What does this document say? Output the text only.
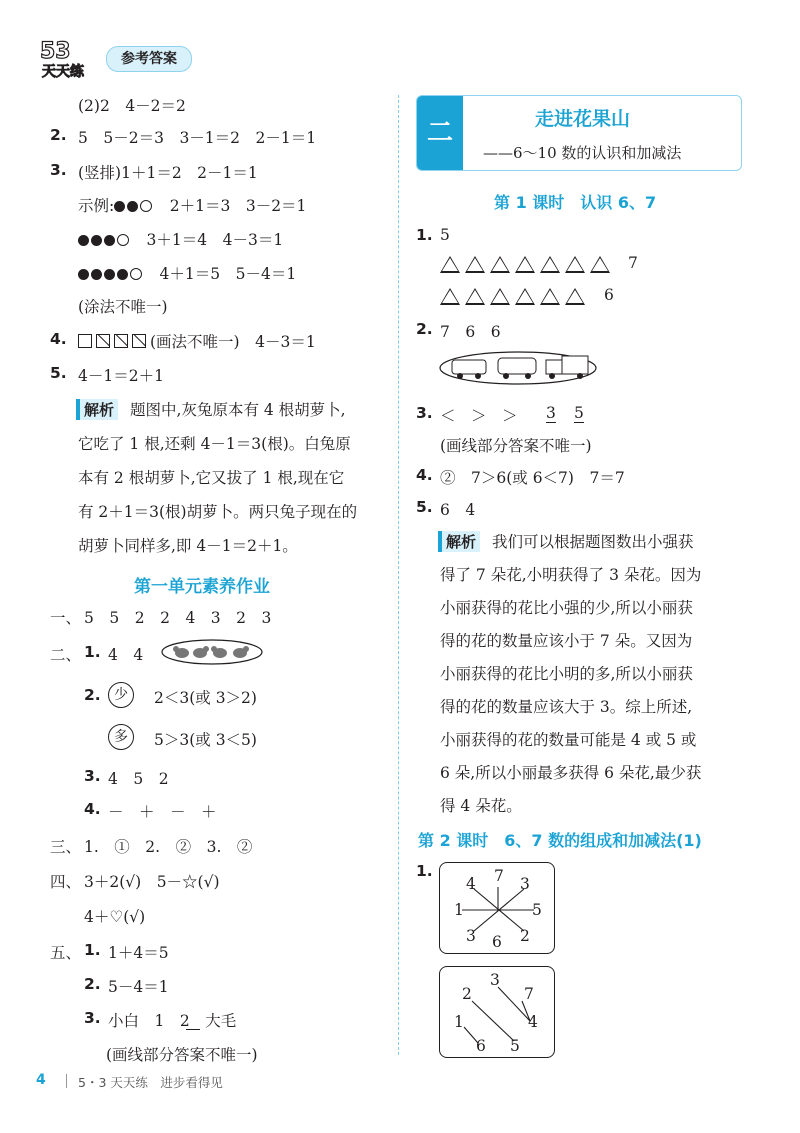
53
天天练
参考答案
(2)2　4－2＝2
2. 5　5－2＝3　3－1＝2　2－1＝1
3. (竖排)1＋1＝2　2－1＝1
示例:　	2＋1＝3　3－2＝1
　3＋1＝4　4－3＝1
　4＋1＝5　5－4＝1
(涂法不唯一)
4.	(画法不唯一)　4－3＝1
5. 4－1＝2＋1
解析 题图中,灰兔原本有 4 根胡萝卜,
它吃了 1 根,还剩 4－1＝3(根)。白兔原
本有 2 根胡萝卜,它又拔了 1 根,现在它
有 2＋1＝3(根)胡萝卜。两只兔子现在的
胡萝卜同样多,即 4－1＝2＋1。
第一单元素养作业
一、 5　5　2　2　4　3　2　3
二、 1. 4　4
2. 少	2＜3(或 3＞2)
多	5＞3(或 3＜5)
3. 4　5　2
4. －　＋　－　＋
三、 1.　①　2.　②　3.　②
四、 3＋2(√)　5－☆(√)
4＋♡(√)
五、 1. 1＋4＝5
2. 5－4＝1
3. 小白　1　2　大毛
(画线部分答案不唯一)
二	走进花果山
——6～10 数的认识和加减法
第 1 课时　认识 6、7
1. 5
7
6
2. 7　6　6
3. ＜　＞　＞ 3 5
(画线部分答案不唯一)
4. ②　7＞6(或 6＜7)　7＝7
5. 6　4
解析 我们可以根据题图数出小强获
得了 7 朵花,小明获得了 3 朵花。因为
小丽获得的花比小强的少,所以小丽获
得的花的数量应该小于 7 朵。又因为
小丽获得的花比小明的多,所以小丽获
得的花的数量应该大于 3。综上所述,
小丽获得的花的数量可能是 4 或 5 或
6 朵,所以小丽最多获得 6 朵花,最少获
得 4 朵花。
第 2 课时　6、7 数的组成和加减法(1)
1.
4 7 3
1	5
3 6 2
2
3
7
1	4
6 5
4	5・3 天天练　进步看得见
